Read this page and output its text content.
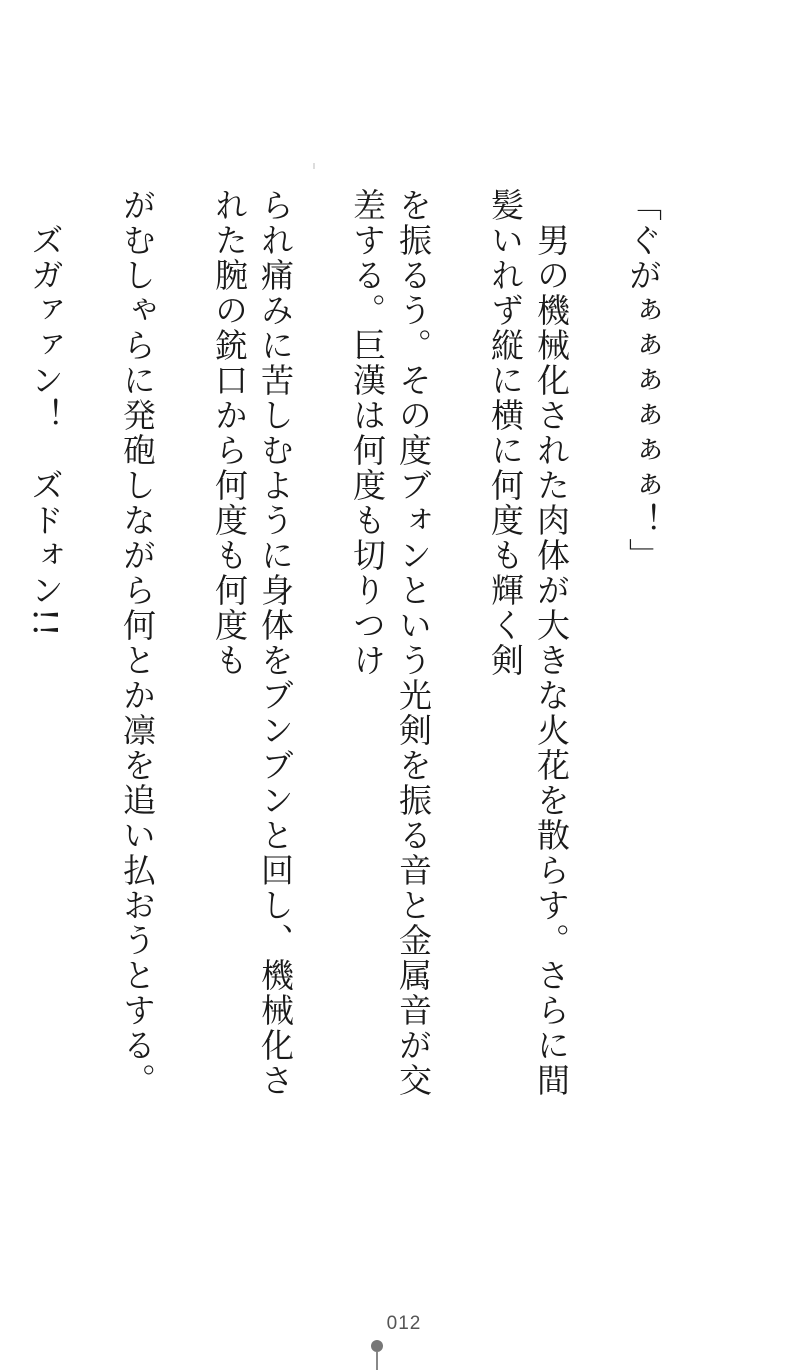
「ぐがぁぁぁぁぁぁ！」

　男の機械化された肉体が大きな火花を散らす。さらに間髪いれず縦に横に何度も輝く剣

を振るう。その度ブォンという光剣を振る音と金属音が交差する。巨漢は何度も切りつけ

られ痛みに苦しむように身体をブンブンと回し、機械化された腕の銃口から何度も何度も

がむしゃらに発砲しながら何とか凛を追い払おうとする。

　ズガァァン！　ズドォン!!

012
